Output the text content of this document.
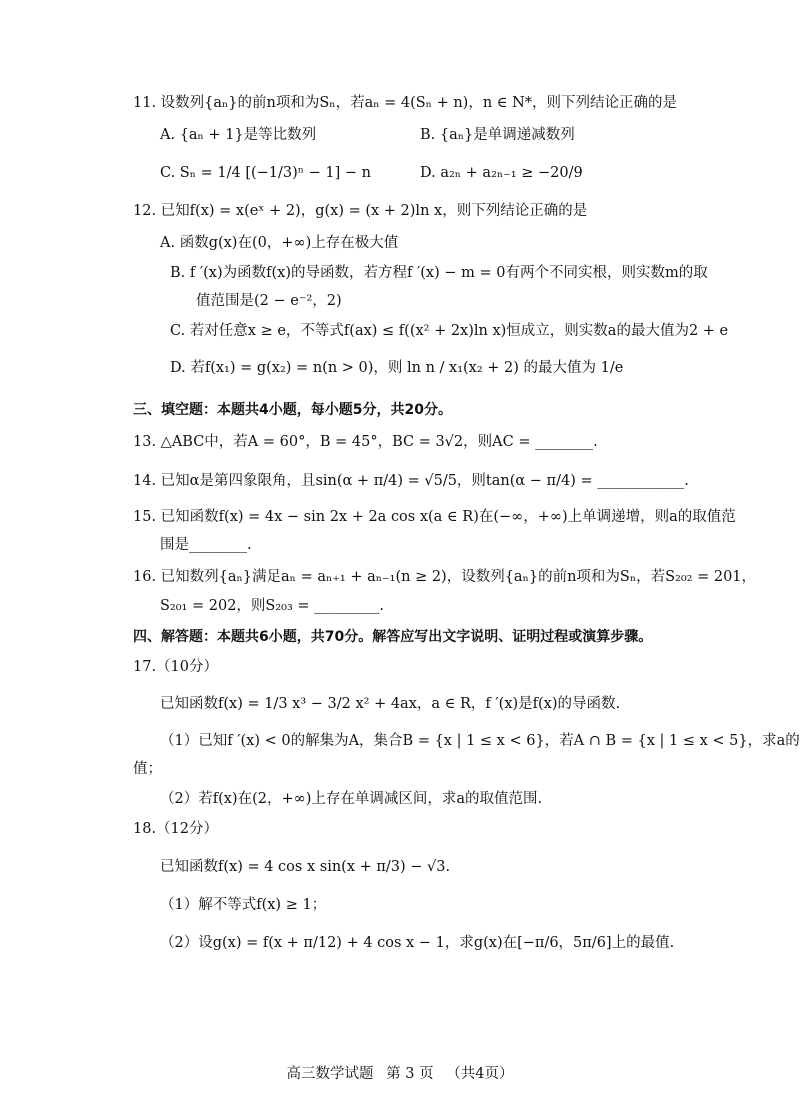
11. 设数列{aₙ}的前n项和为Sₙ，若aₙ = 4(Sₙ + n)，n ∈ N*，则下列结论正确的是
A. {aₙ + 1}是等比数列	B. {aₙ}是单调递减数列
C. Sₙ = 1/4 [(−1/3)ⁿ − 1] − n	D. a₂ₙ + a₂ₙ₋₁ ≥ −20/9
12. 已知f(x) = x(eˣ + 2)，g(x) = (x + 2)ln x，则下列结论正确的是
A. 函数g(x)在(0，+∞)上存在极大值
B. f ′(x)为函数f(x)的导函数，若方程f ′(x) − m = 0有两个不同实根，则实数m的取
值范围是(2 − e⁻²，2)
C. 若对任意x ≥ e，不等式f(ax) ≤ f((x² + 2x)ln x)恒成立，则实数a的最大值为2 + e
D. 若f(x₁) = g(x₂) = n(n > 0)，则 ln n / x₁(x₂ + 2) 的最大值为 1/e
三、填空题：本题共4小题，每小题5分，共20分。
13. △ABC中，若A = 60°，B = 45°，BC = 3√2，则AC = ________.
14. 已知α是第四象限角，且sin(α + π/4) = √5/5，则tan(α − π/4) = ____________.
15. 已知函数f(x) = 4x − sin 2x + 2a cos x(a ∈ R)在(−∞，+∞)上单调递增，则a的取值范
围是________.
16. 已知数列{aₙ}满足aₙ = aₙ₊₁ + aₙ₋₁(n ≥ 2)，设数列{aₙ}的前n项和为Sₙ，若S₂₀₂ = 201，
S₂₀₁ = 202，则S₂₀₃ = _________.
四、解答题：本题共6小题，共70分。解答应写出文字说明、证明过程或演算步骤。
17.（10分）
已知函数f(x) = 1/3 x³ − 3/2 x² + 4ax，a ∈ R，f ′(x)是f(x)的导函数.
（1）已知f ′(x) < 0的解集为A，集合B = {x | 1 ≤ x < 6}，若A ∩ B = {x | 1 ≤ x < 5}，求a的
值；
（2）若f(x)在(2，+∞)上存在单调减区间，求a的取值范围.
18.（12分）
已知函数f(x) = 4 cos x sin(x + π/3) − √3.
（1）解不等式f(x) ≥ 1；
（2）设g(x) = f(x + π/12) + 4 cos x − 1，求g(x)在[−π/6，5π/6]上的最值.
高三数学试题 第 3 页 （共4页）
